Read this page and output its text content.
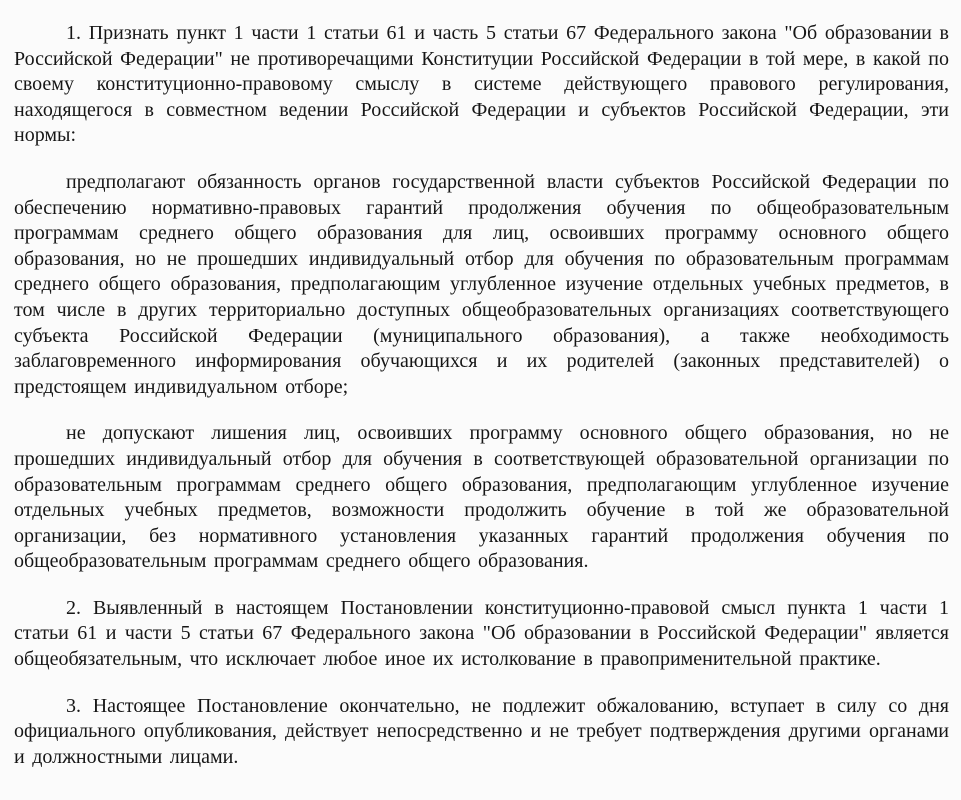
1. Признать пункт 1 части 1 статьи 61 и часть 5 статьи 67 Федерального закона "Об образовании в Российской Федерации" не противоречащими Конституции Российской Федерации в той мере, в какой по своему конституционно-правовому смыслу в системе действующего правового регулирования, находящегося в совместном ведении Российской Федерации и субъектов Российской Федерации, эти нормы:

предполагают обязанность органов государственной власти субъектов Российской Федерации по обеспечению нормативно-правовых гарантий продолжения обучения по общеобразовательным программам среднего общего образования для лиц, освоивших программу основного общего образования, но не прошедших индивидуальный отбор для обучения по образовательным программам среднего общего образования, предполагающим углубленное изучение отдельных учебных предметов, в том числе в других территориально доступных общеобразовательных организациях соответствующего субъекта Российской Федерации (муниципального образования), а также необходимость заблаговременного информирования обучающихся и их родителей (законных представителей) о предстоящем индивидуальном отборе;

не допускают лишения лиц, освоивших программу основного общего образования, но не прошедших индивидуальный отбор для обучения в соответствующей образовательной организации по образовательным программам среднего общего образования, предполагающим углубленное изучение отдельных учебных предметов, возможности продолжить обучение в той же образовательной организации, без нормативного установления указанных гарантий продолжения обучения по общеобразовательным программам среднего общего образования.

2. Выявленный в настоящем Постановлении конституционно-правовой смысл пункта 1 части 1 статьи 61 и части 5 статьи 67 Федерального закона "Об образовании в Российской Федерации" является общеобязательным, что исключает любое иное их истолкование в правоприменительной практике.

3. Настоящее Постановление окончательно, не подлежит обжалованию, вступает в силу со дня официального опубликования, действует непосредственно и не требует подтверждения другими органами и должностными лицами.
